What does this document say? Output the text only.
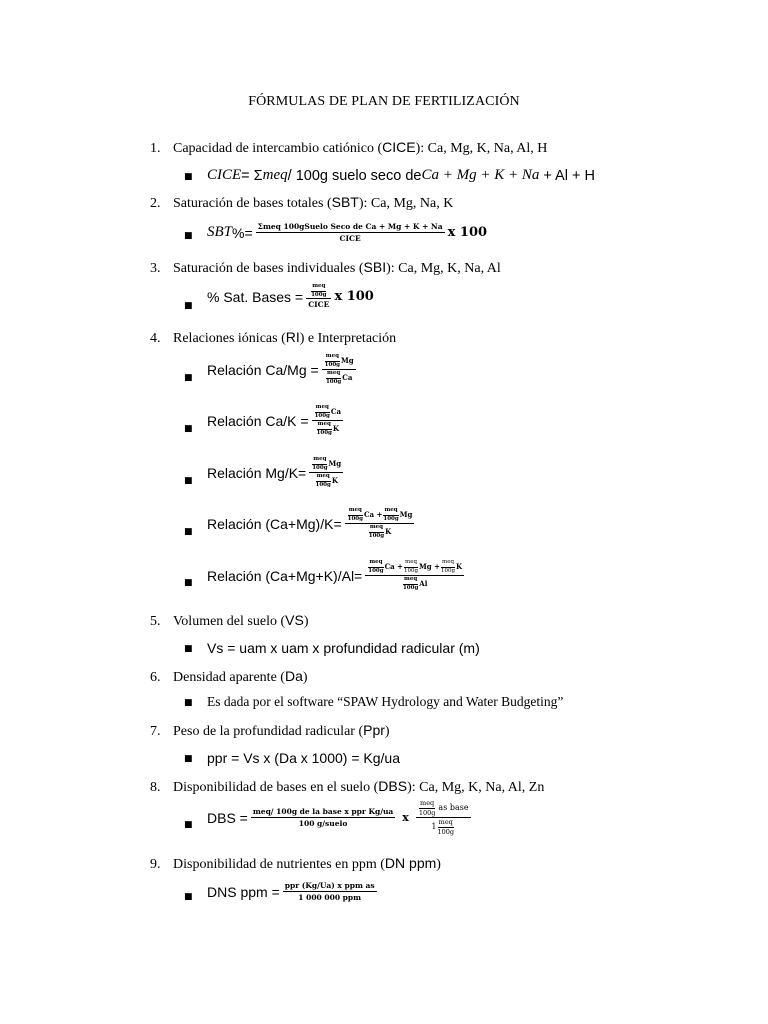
FÓRMULAS DE PLAN DE FERTILIZACIÓN
1. Capacidad de intercambio catiónico (CICE): Ca, Mg, K, Na, Al, H
■ CICE = Σ meq / 100g suelo seco de Ca + Mg + K + Na + Al + H
2. Saturación de bases totales (SBT): Ca, Mg, Na, K
■ SBT %= $\frac{\text{Σmeq 100gSuelo Seco de Ca + Mg + K + Na}}{\text{CICE}}$ x 100
3. Saturación de bases individuales (SBI): Ca, Mg, K, Na, Al
■
% Sat. Bases = meq
100g
CICE x 100
4. Relaciones iónicas (RI) e Interpretación
■
Relación Ca/Mg = meq
100g Mg
meq
100g Ca
■
Relación Ca/K = meq
100g Ca
meq
100g K
■
Relación Mg/K= meq
100g Mg
meq
100g K
■
Relación (Ca+Mg)/K= meq
100g Ca + meq
100g Mg
meq
100g K
■ Relación (Ca+Mg+K)/Al= meq
100g Ca + meq
100g Mg + meq
100g K
meq
100g Al
5. Volumen del suelo (VS)
■ Vs = uam x uam x profundidad radicular (m)
6. Densidad aparente (Da)
■ Es dada por el software “SPAW Hydrology and Water Budgeting”
7. Peso de la profundidad radicular (Ppr)
■ ppr = Vs x (Da x 1000) = Kg/ua
8. Disponibilidad de bases en el suelo (DBS): Ca, Mg, K, Na, Al, Zn
■ DBS = $\frac{\text{meq/ 100g de la base x ppr Kg/ua}}{\text{100 g/suelo}}$ x meq
100g
as base
1 meq
100g
9. Disponibilidad de nutrientes en ppm (DN ppm)
■ DNS ppm = $\frac{\text{ppr (Kg/Ua) x ppm as}}{\text{1 000 000 ppm}}$
